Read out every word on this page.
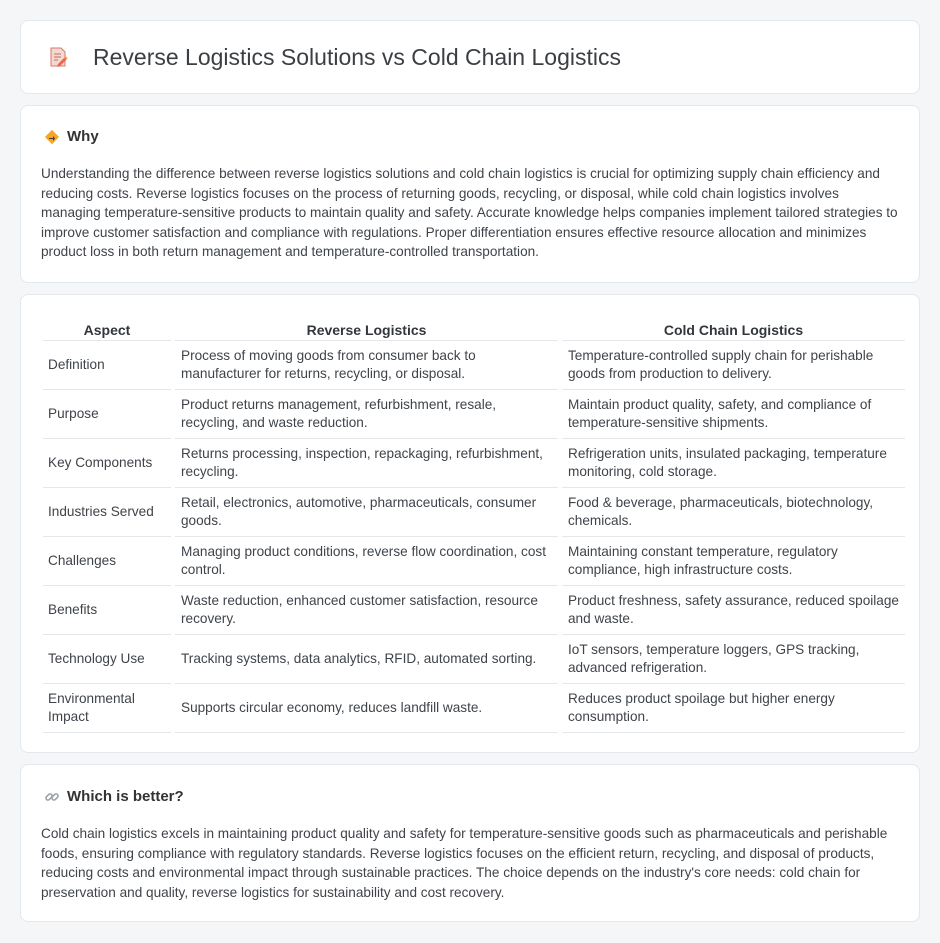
Reverse Logistics Solutions vs Cold Chain Logistics
Why

Understanding the difference between reverse logistics solutions and cold chain logistics is crucial for optimizing supply chain efficiency and reducing costs. Reverse logistics focuses on the process of returning goods, recycling, or disposal, while cold chain logistics involves managing temperature-sensitive products to maintain quality and safety. Accurate knowledge helps companies implement tailored strategies to improve customer satisfaction and compliance with regulations. Proper differentiation ensures effective resource allocation and minimizes product loss in both return management and temperature-controlled transportation.

Aspect	Reverse Logistics	Cold Chain Logistics
Definition	Process of moving goods from consumer back to manufacturer for returns, recycling, or disposal.	Temperature-controlled supply chain for perishable goods from production to delivery.
Purpose	Product returns management, refurbishment, resale, recycling, and waste reduction.	Maintain product quality, safety, and compliance of temperature-sensitive shipments.
Key Components	Returns processing, inspection, repackaging, refurbishment, recycling.	Refrigeration units, insulated packaging, temperature monitoring, cold storage.
Industries Served	Retail, electronics, automotive, pharmaceuticals, consumer goods.	Food & beverage, pharmaceuticals, biotechnology, chemicals.
Challenges	Managing product conditions, reverse flow coordination, cost control.	Maintaining constant temperature, regulatory compliance, high infrastructure costs.
Benefits	Waste reduction, enhanced customer satisfaction, resource recovery.	Product freshness, safety assurance, reduced spoilage and waste.
Technology Use	Tracking systems, data analytics, RFID, automated sorting.	IoT sensors, temperature loggers, GPS tracking, advanced refrigeration.
Environmental Impact	Supports circular economy, reduces landfill waste.	Reduces product spoilage but higher energy consumption.
Which is better?

Cold chain logistics excels in maintaining product quality and safety for temperature-sensitive goods such as pharmaceuticals and perishable foods, ensuring compliance with regulatory standards. Reverse logistics focuses on the efficient return, recycling, and disposal of products, reducing costs and environmental impact through sustainable practices. The choice depends on the industry's core needs: cold chain for preservation and quality, reverse logistics for sustainability and cost recovery.
